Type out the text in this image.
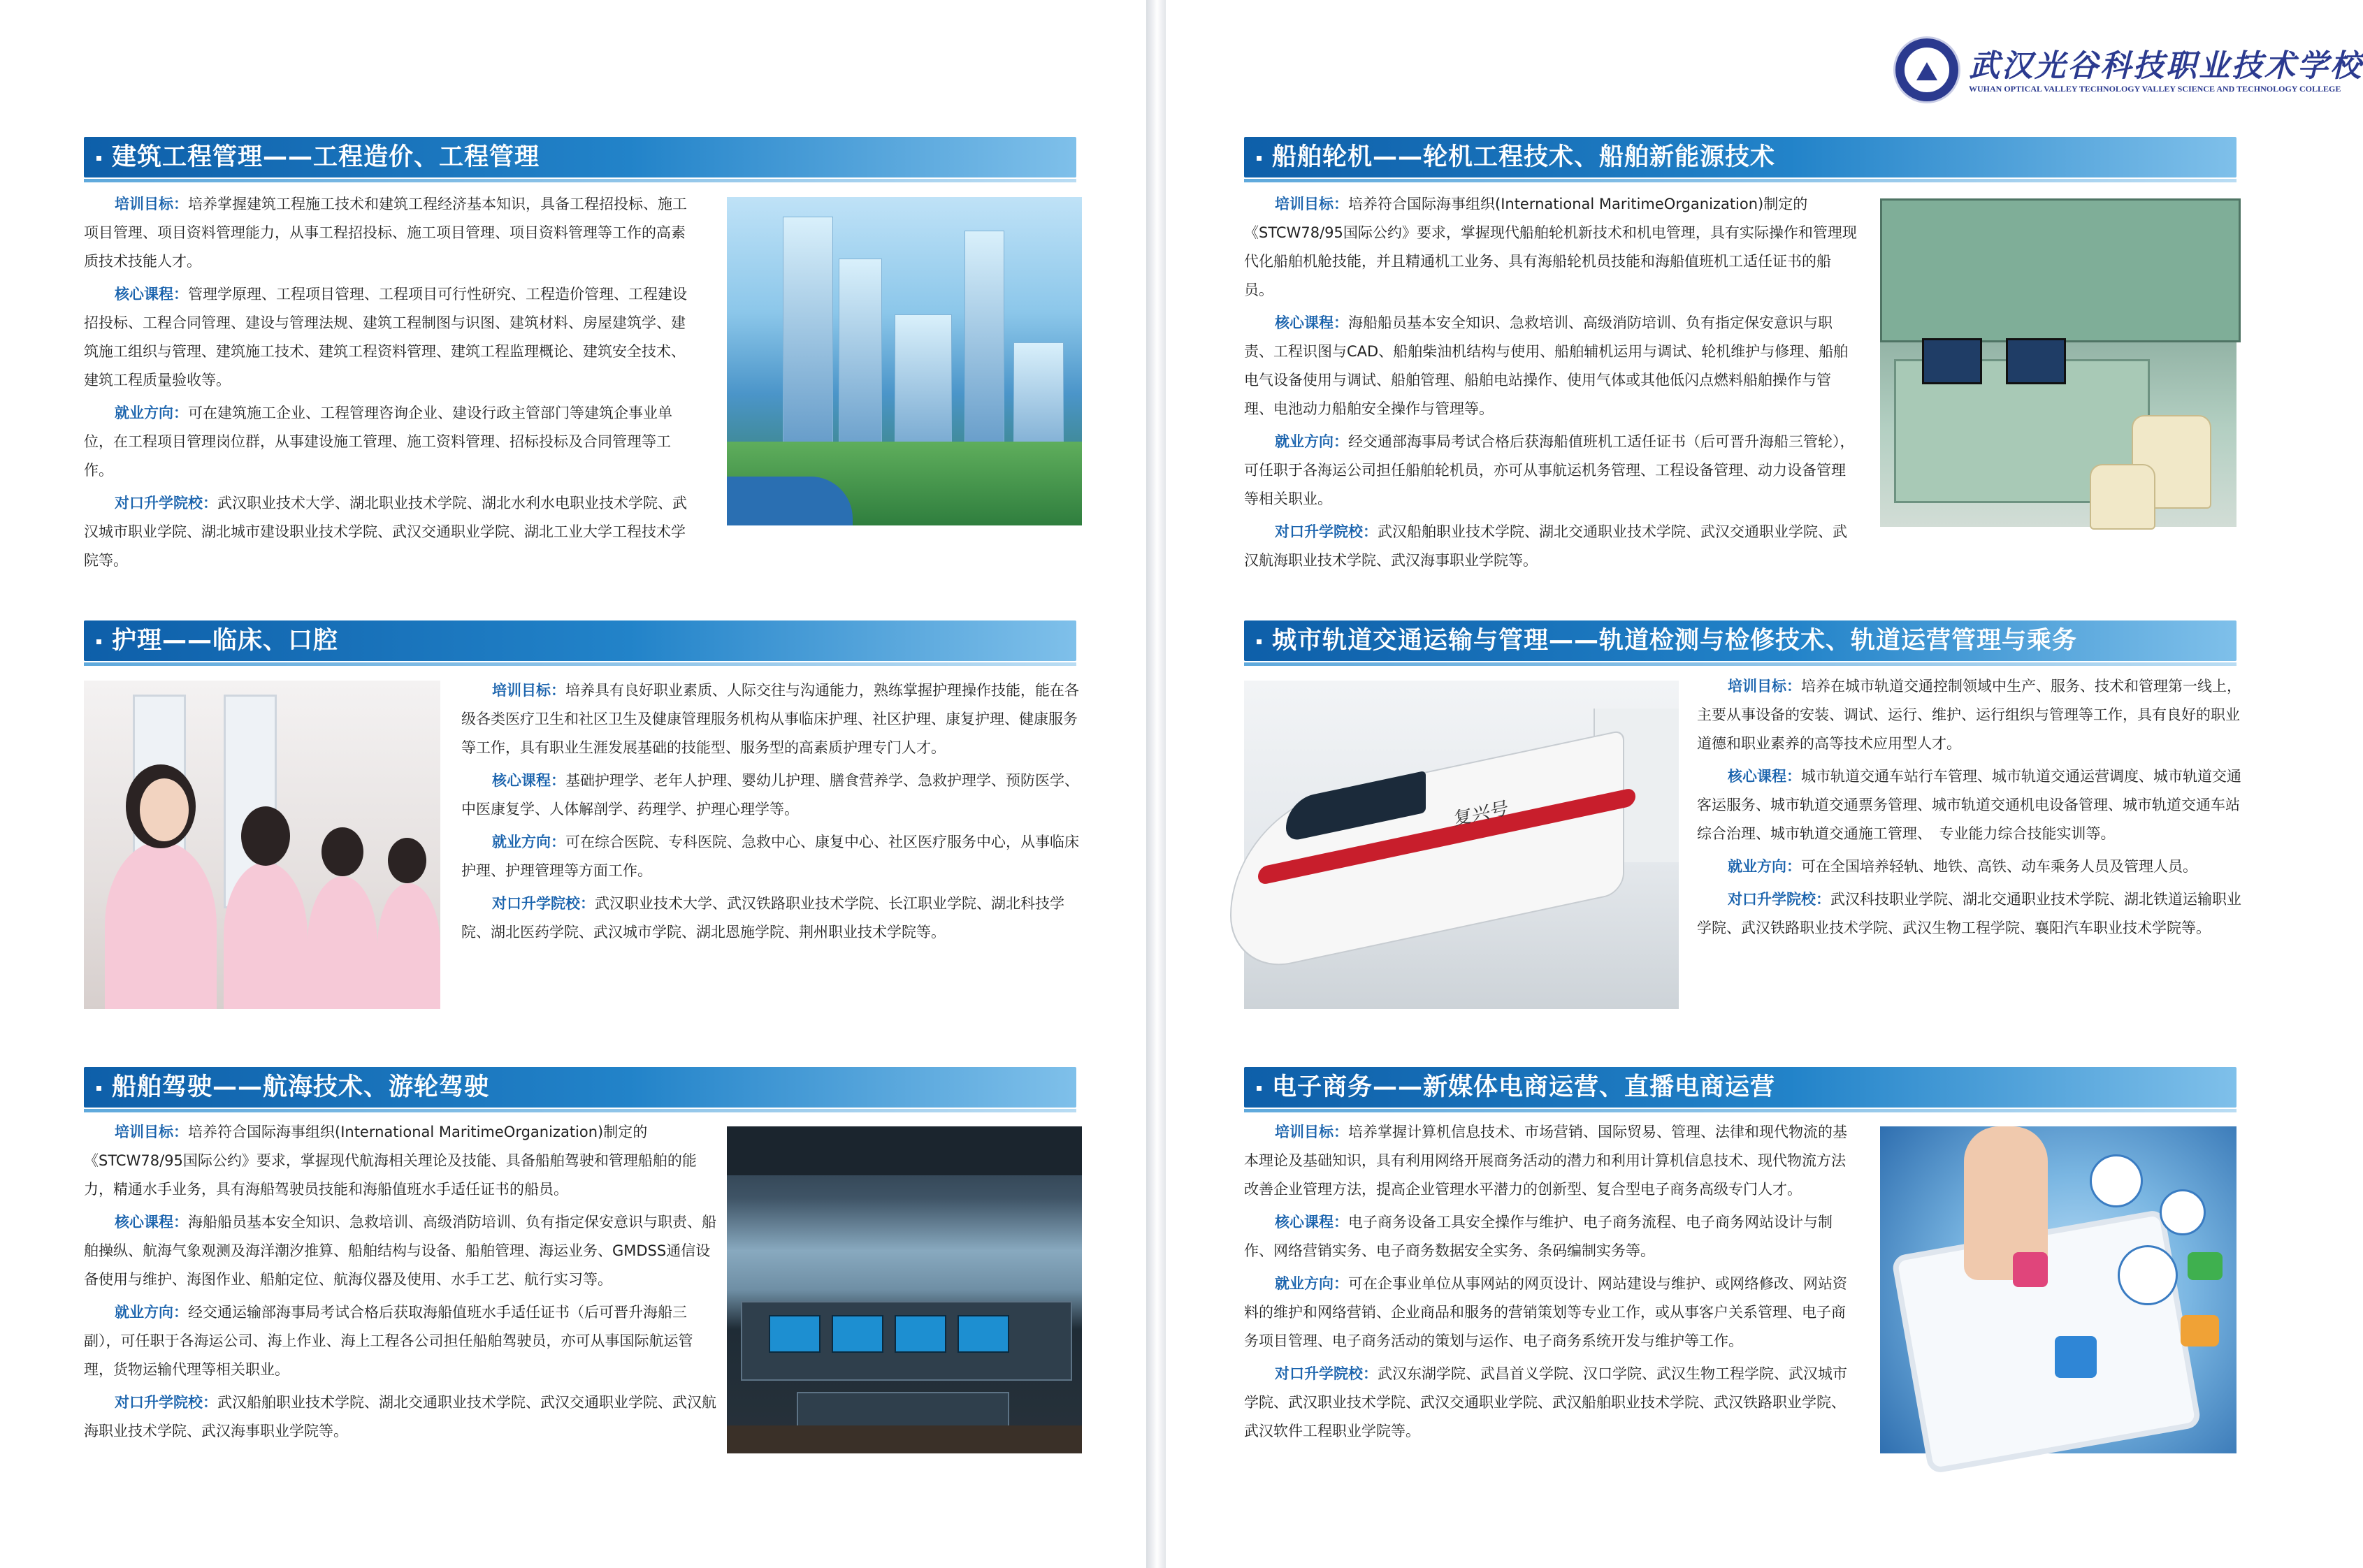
建筑工程管理——工程造价、工程管理

培训目标：培养掌握建筑工程施工技术和建筑工程经济基本知识，具备工程招投标、施工项目管理、项目资料管理能力，从事工程招投标、施工项目管理、项目资料管理等工作的高素质技术技能人才。

核心课程：管理学原理、工程项目管理、工程项目可行性研究、工程造价管理、工程建设招投标、工程合同管理、建设与管理法规、建筑工程制图与识图、建筑材料、房屋建筑学、建筑施工组织与管理、建筑施工技术、建筑工程资料管理、建筑工程监理概论、建筑安全技术、建筑工程质量验收等。

就业方向：可在建筑施工企业、工程管理咨询企业、建设行政主管部门等建筑企事业单位，在工程项目管理岗位群，从事建设施工管理、施工资料管理、招标投标及合同管理等工作。

对口升学院校：武汉职业技术大学、湖北职业技术学院、湖北水利水电职业技术学院、武汉城市职业学院、湖北城市建设职业技术学院、武汉交通职业学院、湖北工业大学工程技术学院等。

护理——临床、口腔

培训目标：培养具有良好职业素质、人际交往与沟通能力，熟练掌握护理操作技能，能在各级各类医疗卫生和社区卫生及健康管理服务机构从事临床护理、社区护理、康复护理、健康服务等工作，具有职业生涯发展基础的技能型、服务型的高素质护理专门人才。

核心课程：基础护理学、老年人护理、婴幼儿护理、膳食营养学、急救护理学、预防医学、中医康复学、人体解剖学、药理学、护理心理学等。

就业方向：可在综合医院、专科医院、急救中心、康复中心、社区医疗服务中心，从事临床护理、护理管理等方面工作。

对口升学院校：武汉职业技术大学、武汉铁路职业技术学院、长江职业学院、湖北科技学院、湖北医药学院、武汉城市学院、湖北恩施学院、荆州职业技术学院等。

船舶驾驶——航海技术、游轮驾驶

培训目标：培养符合国际海事组织(International MaritimeOrganization)制定的《STCW78/95国际公约》要求，掌握现代航海相关理论及技能、具备船舶驾驶和管理船舶的能力，精通水手业务，具有海船驾驶员技能和海船值班水手适任证书的船员。

核心课程：海船船员基本安全知识、急救培训、高级消防培训、负有指定保安意识与职责、船舶操纵、航海气象观测及海洋潮汐推算、船舶结构与设备、船舶管理、海运业务、GMDSS通信设备使用与维护、海图作业、船舶定位、航海仪器及使用、水手工艺、航行实习等。

就业方向：经交通运输部海事局考试合格后获取海船值班水手适任证书（后可晋升海船三副），可任职于各海运公司、海上作业、海上工程各公司担任船舶驾驶员，亦可从事国际航运管理，货物运输代理等相关职业。

对口升学院校：武汉船舶职业技术学院、湖北交通职业技术学院、武汉交通职业学院、武汉航海职业技术学院、武汉海事职业学院等。

武汉光谷科技职业技术学校
WUHAN OPTICAL VALLEY TECHNOLOGY VALLEY SCIENCE AND TECHNOLOGY COLLEGE
船舶轮机——轮机工程技术、船舶新能源技术

培训目标：培养符合国际海事组织(International MaritimeOrganization)制定的《STCW78/95国际公约》要求，掌握现代船舶轮机新技术和机电管理，具有实际操作和管理现代化船舶机舱技能，并且精通机工业务、具有海船轮机员技能和海船值班机工适任证书的船员。

核心课程：海船船员基本安全知识、急救培训、高级消防培训、负有指定保安意识与职责、工程识图与CAD、船舶柴油机结构与使用、船舶辅机运用与调试、轮机维护与修理、船舶电气设备使用与调试、船舶管理、船舶电站操作、使用气体或其他低闪点燃料船舶操作与管理、电池动力船舶安全操作与管理等。

就业方向：经交通部海事局考试合格后获海船值班机工适任证书（后可晋升海船三管轮），可任职于各海运公司担任船舶轮机员，亦可从事航运机务管理、工程设备管理、动力设备管理等相关职业。

对口升学院校：武汉船舶职业技术学院、湖北交通职业技术学院、武汉交通职业学院、武汉航海职业技术学院、武汉海事职业学院等。

城市轨道交通运输与管理——轨道检测与检修技术、轨道运营管理与乘务
复兴号

培训目标：培养在城市轨道交通控制领域中生产、服务、技术和管理第一线上，主要从事设备的安装、调试、运行、维护、运行组织与管理等工作，具有良好的职业道德和职业素养的高等技术应用型人才。

核心课程：城市轨道交通车站行车管理、城市轨道交通运营调度、城市轨道交通客运服务、城市轨道交通票务管理、城市轨道交通机电设备管理、城市轨道交通车站综合治理、城市轨道交通施工管理、　专业能力综合技能实训等。

就业方向：可在全国培养轻轨、地铁、高铁、动车乘务人员及管理人员。

对口升学院校：武汉科技职业学院、湖北交通职业技术学院、湖北铁道运输职业学院、武汉铁路职业技术学院、武汉生物工程学院、襄阳汽车职业技术学院等。

电子商务——新媒体电商运营、直播电商运营

培训目标：培养掌握计算机信息技术、市场营销、国际贸易、管理、法律和现代物流的基本理论及基础知识，具有利用网络开展商务活动的潜力和利用计算机信息技术、现代物流方法改善企业管理方法，提高企业管理水平潜力的创新型、复合型电子商务高级专门人才。

核心课程：电子商务设备工具安全操作与维护、电子商务流程、电子商务网站设计与制作、网络营销实务、电子商务数据安全实务、条码编制实务等。

就业方向：可在企事业单位从事网站的网页设计、网站建设与维护、或网络修改、网站资料的维护和网络营销、企业商品和服务的营销策划等专业工作，或从事客户关系管理、电子商务项目管理、电子商务活动的策划与运作、电子商务系统开发与维护等工作。

对口升学院校：武汉东湖学院、武昌首义学院、汉口学院、武汉生物工程学院、武汉城市学院、武汉职业技术学院、武汉交通职业学院、武汉船舶职业技术学院、武汉铁路职业学院、武汉软件工程职业学院等。
